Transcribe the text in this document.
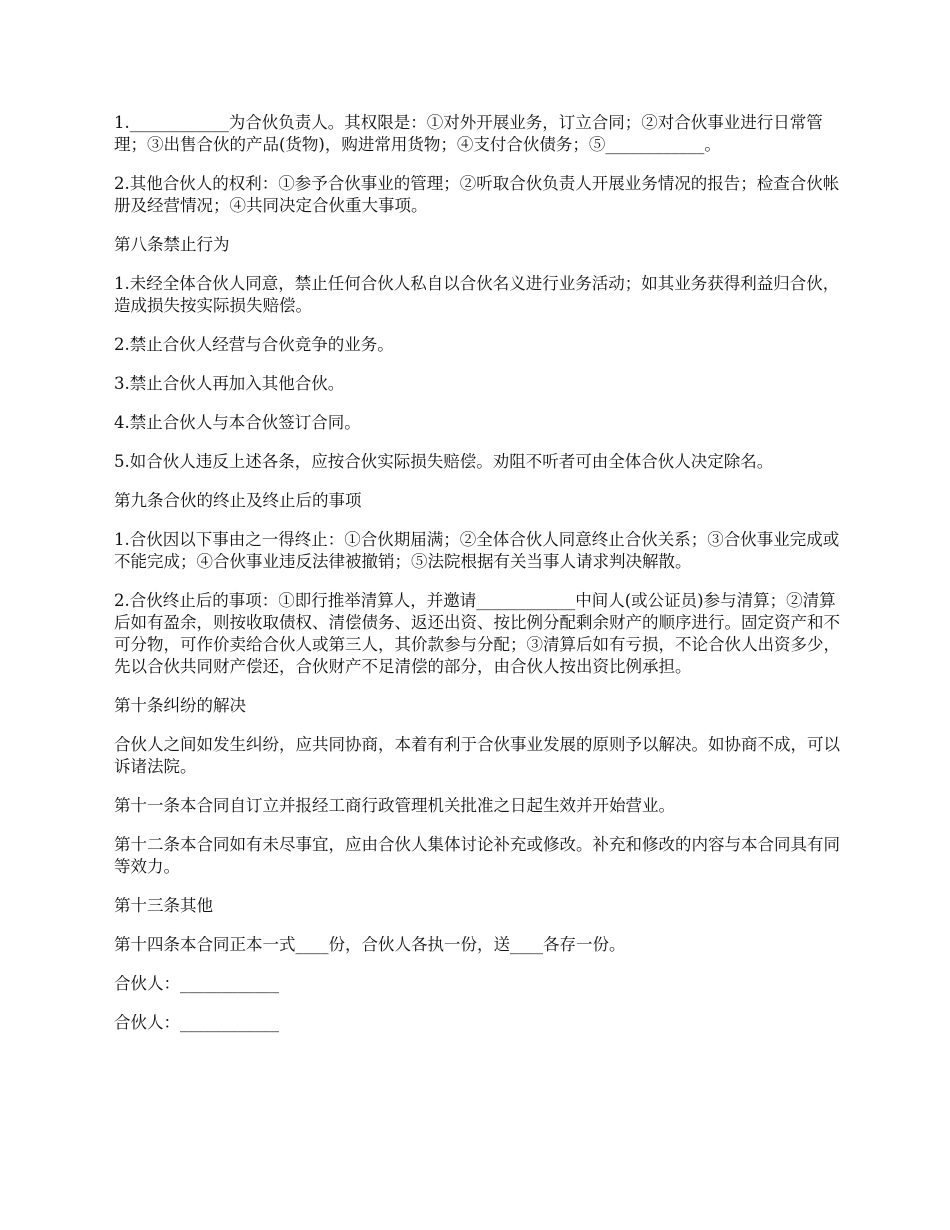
1.____________为合伙负责人。其权限是：①对外开展业务，订立合同；②对合伙事业进行日常管理；③出售合伙的产品(货物)，购进常用货物；④支付合伙债务；⑤____________。

2.其他合伙人的权利：①参予合伙事业的管理；②听取合伙负责人开展业务情况的报告；检查合伙帐册及经营情况；④共同决定合伙重大事项。

第八条禁止行为

1.未经全体合伙人同意，禁止任何合伙人私自以合伙名义进行业务活动；如其业务获得利益归合伙，造成损失按实际损失赔偿。

2.禁止合伙人经营与合伙竞争的业务。

3.禁止合伙人再加入其他合伙。

4.禁止合伙人与本合伙签订合同。

5.如合伙人违反上述各条，应按合伙实际损失赔偿。劝阻不听者可由全体合伙人决定除名。

第九条合伙的终止及终止后的事项

1.合伙因以下事由之一得终止：①合伙期届满；②全体合伙人同意终止合伙关系；③合伙事业完成或不能完成；④合伙事业违反法律被撤销；⑤法院根据有关当事人请求判决解散。

2.合伙终止后的事项：①即行推举清算人，并邀请____________中间人(或公证员)参与清算；②清算后如有盈余，则按收取债权、清偿债务、返还出资、按比例分配剩余财产的顺序进行。固定资产和不可分物，可作价卖给合伙人或第三人，其价款参与分配；③清算后如有亏损，不论合伙人出资多少，先以合伙共同财产偿还，合伙财产不足清偿的部分，由合伙人按出资比例承担。

第十条纠纷的解决

合伙人之间如发生纠纷，应共同协商，本着有利于合伙事业发展的原则予以解决。如协商不成，可以诉诸法院。

第十一条本合同自订立并报经工商行政管理机关批准之日起生效并开始营业。

第十二条本合同如有未尽事宜，应由合伙人集体讨论补充或修改。补充和修改的内容与本合同具有同等效力。

第十三条其他

第十四条本合同正本一式____份，合伙人各执一份，送____各存一份。

合伙人：____________

合伙人：____________
